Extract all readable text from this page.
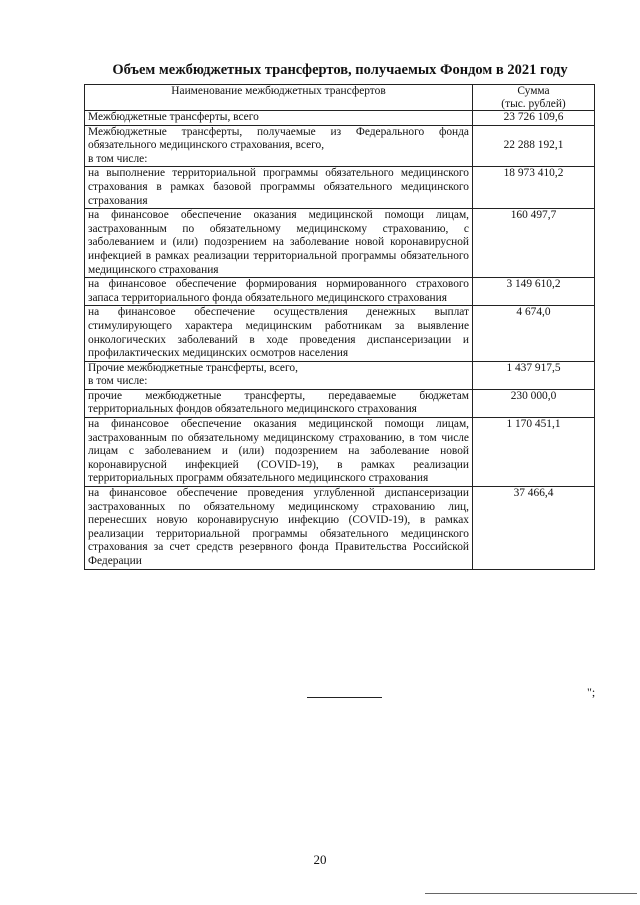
Объем межбюджетных трансфертов, получаемых Фондом в 2021 году
Наименование межбюджетных трансфертов	Сумма
(тыс. рублей)

Межбюджетные трансферты, всего	23 726 109,6

Межбюджетные трансферты, получаемые из Федерального фонда обязательного медицинского страхования, всего,
в том числе:	22 288 192,1
на выполнение территориальной программы обязательного медицинского страхования в рамках базовой программы обязательного медицинского страхования	18 973 410,2
на финансовое обеспечение оказания медицинской помощи лицам, застрахованным по обязательному медицинскому страхованию, с заболеванием и (или) подозрением на заболевание новой коронавирусной инфекцией в рамках реализации территориальной программы обязательного медицинского страхования	160 497,7
на финансовое обеспечение формирования нормированного страхового запаса территориального фонда обязательного медицинского страхования	3 149 610,2
на финансовое обеспечение осуществления денежных выплат стимулирующего характера медицинским работникам за выявление онкологических заболеваний в ходе проведения диспансеризации и профилактических медицинских осмотров населения	4 674,0

Прочие межбюджетные трансферты, всего,
в том числе:	1 437 917,5
прочие межбюджетные трансферты, передаваемые бюджетам территориальных фондов обязательного медицинского страхования	230 000,0
на финансовое обеспечение оказания медицинской помощи лицам, застрахованным по обязательному медицинскому страхованию, в том числе лицам с заболеванием и (или) подозрением на заболевание новой коронавирусной инфекцией (COVID-19), в рамках реализации территориальных программ обязательного медицинского страхования	1 170 451,1
на финансовое обеспечение проведения углубленной диспансеризации застрахованных по обязательному медицинскому страхованию лиц, перенесших новую коронавирусную инфекцию (COVID-19), в рамках реализации территориальной программы обязательного медицинского страхования за счет средств резервного фонда Правительства Российской Федерации	37 466,4
";
20
